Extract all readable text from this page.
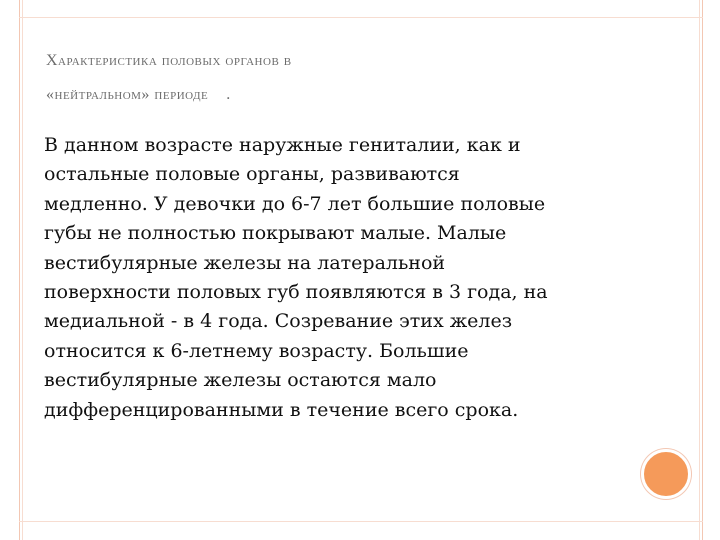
Характеристика половых органов в
«нейтральном» периоде    .
В данном возрасте наружные гениталии, как и
остальные половые органы, развиваются
медленно. У девочки до 6-7 лет большие половые
губы не полностью покрывают малые. Малые
вестибулярные железы на латеральной
поверхности половых губ появляются в 3 года, на
медиальной - в 4 года. Созревание этих желез
относится к 6-летнему возрасту. Большие
вестибулярные железы остаются мало
дифференцированными в течение всего срока.
